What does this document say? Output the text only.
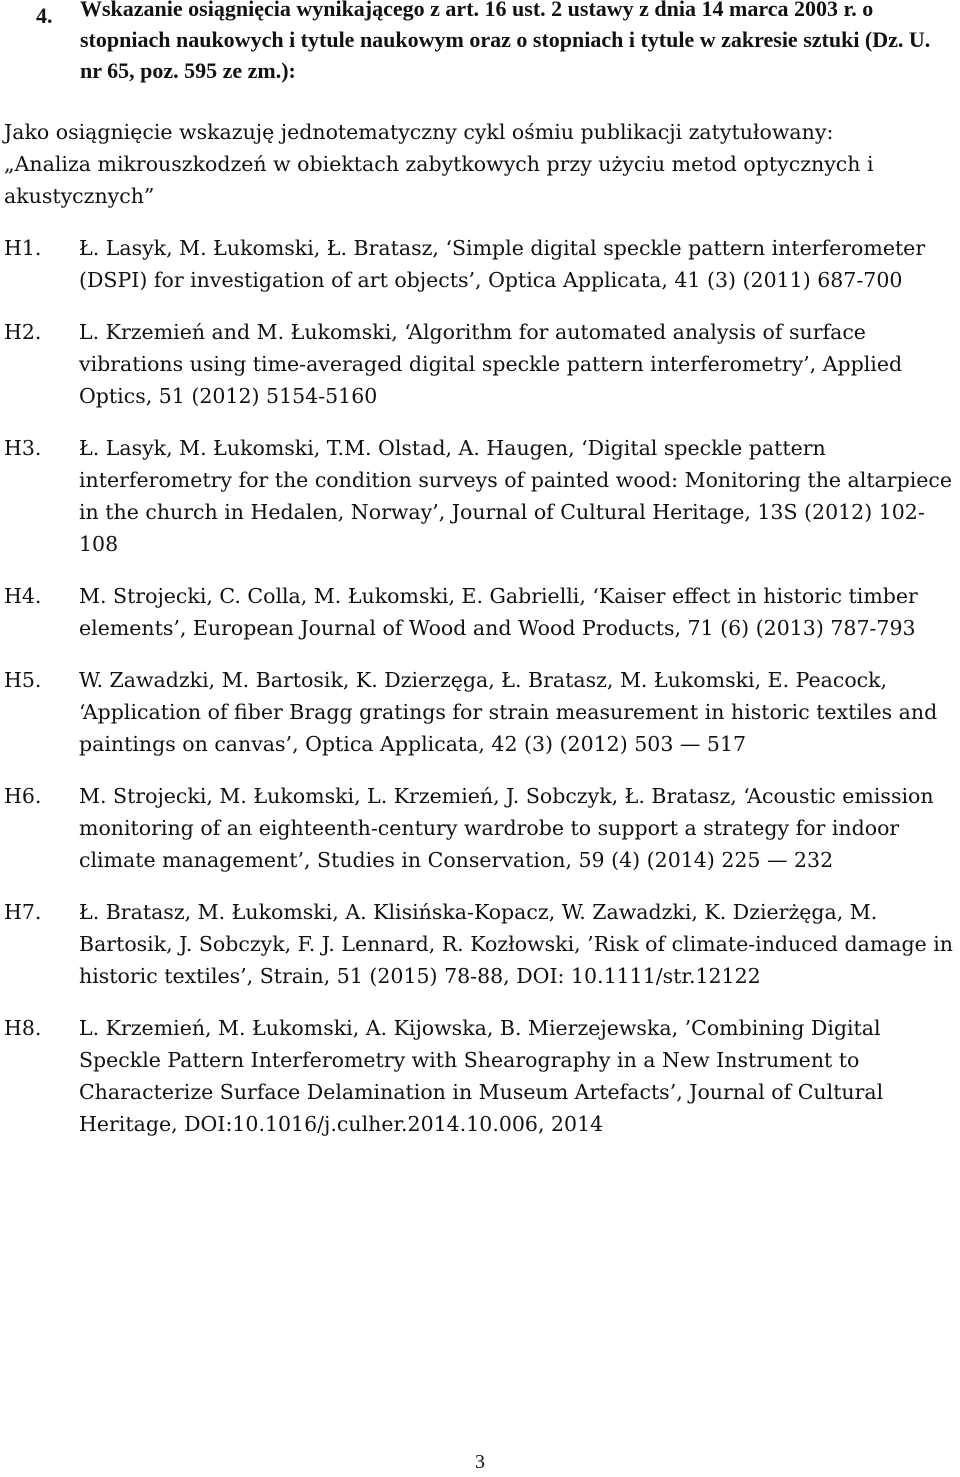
4. Wskazanie osiągnięcia wynikającego z art. 16 ust. 2 ustawy z dnia 14 marca 2003 r. o stopniach naukowych i tytule naukowym oraz o stopniach i tytule w zakresie sztuki (Dz. U. nr 65, poz. 595 ze zm.):
Jako osiągnięcie wskazuję jednotematyczny cykl ośmiu publikacji zatytułowany:
„Analiza mikrouszkodzeń w obiektach zabytkowych przy użyciu metod optycznych i akustycznych”
H1.	Ł. Lasyk, M. Łukomski, Ł. Bratasz, ‘Simple digital speckle pattern interferometer (DSPI) for investigation of art objects’, Optica Applicata, 41 (3) (2011) 687-700
H2.	L. Krzemień and M. Łukomski, ‘Algorithm for automated analysis of surface vibrations using time-averaged digital speckle pattern interferometry’, Applied Optics, 51 (2012) 5154-5160
H3.	Ł. Lasyk, M. Łukomski, T.M. Olstad, A. Haugen, ‘Digital speckle pattern interferometry for the condition surveys of painted wood: Monitoring the altarpiece in the church in Hedalen, Norway’, Journal of Cultural Heritage, 13S (2012) 102-108
H4.	M. Strojecki, C. Colla, M. Łukomski, E. Gabrielli, ‘Kaiser effect in historic timber elements’, European Journal of Wood and Wood Products, 71 (6) (2013) 787-793
H5.	W. Zawadzki, M. Bartosik, K. Dzierzęga, Ł. Bratasz, M. Łukomski, E. Peacock, ‘Application of fiber Bragg gratings for strain measurement in historic textiles and paintings on canvas’, Optica Applicata, 42 (3) (2012) 503 — 517
H6.	M. Strojecki, M. Łukomski, L. Krzemień, J. Sobczyk, Ł. Bratasz, ‘Acoustic emission monitoring of an eighteenth-century wardrobe to support a strategy for indoor climate management’, Studies in Conservation, 59 (4) (2014) 225 — 232
H7.	Ł. Bratasz, M. Łukomski, A. Klisińska-Kopacz, W. Zawadzki, K. Dzierżęga, M. Bartosik, J. Sobczyk, F. J. Lennard, R. Kozłowski, ’Risk of climate-induced damage in historic textiles’, Strain, 51 (2015) 78-88, DOI: 10.1111/str.12122
H8.	L. Krzemień, M. Łukomski, A. Kijowska, B. Mierzejewska, ’Combining Digital Speckle Pattern Interferometry with Shearography in a New Instrument to Characterize Surface Delamination in Museum Artefacts’, Journal of Cultural Heritage, DOI:10.1016/j.culher.2014.10.006, 2014
3
